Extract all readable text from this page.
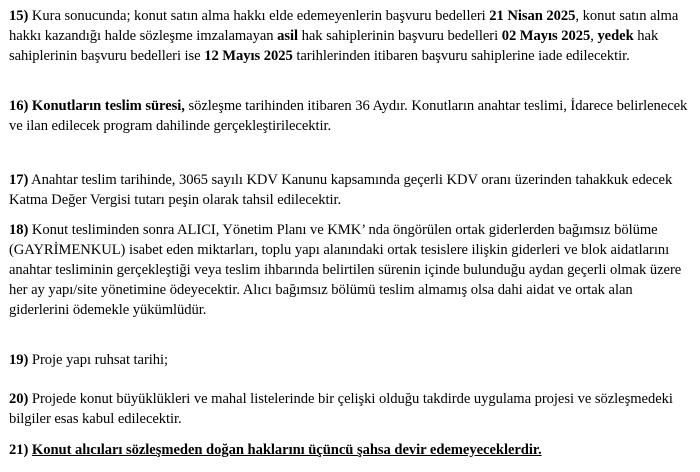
15) Kura sonucunda; konut satın alma hakkı elde edemeyenlerin başvuru bedelleri 21 Nisan 2025, konut satın alma hakkı kazandığı halde sözleşme imzalamayan asil hak sahiplerinin başvuru bedelleri 02 Mayıs 2025, yedek hak sahiplerinin başvuru bedelleri ise 12 Mayıs 2025 tarihlerinden itibaren başvuru sahiplerine iade edilecektir.

16) Konutların teslim süresi, sözleşme tarihinden itibaren 36 Aydır. Konutların anahtar teslimi, İdarece belirlenecek ve ilan edilecek program dahilinde gerçekleştirilecektir.

17) Anahtar teslim tarihinde, 3065 sayılı KDV Kanunu kapsamında geçerli KDV oranı üzerinden tahakkuk edecek Katma Değer Vergisi tutarı peşin olarak tahsil edilecektir.

18) Konut tesliminden sonra ALICI, Yönetim Planı ve KMK’ nda öngörülen ortak giderlerden bağımsız bölüme (GAYRİMENKUL) isabet eden miktarları, toplu yapı alanındaki ortak tesislere ilişkin giderleri ve blok aidatlarını anahtar tesliminin gerçekleştiği veya teslim ihbarında belirtilen sürenin içinde bulunduğu aydan geçerli olmak üzere her ay yapı/site yönetimine ödeyecektir. Alıcı bağımsız bölümü teslim almamış olsa dahi aidat ve ortak alan giderlerini ödemekle yükümlüdür.

19) Proje yapı ruhsat tarihi;

20) Projede konut büyüklükleri ve mahal listelerinde bir çelişki olduğu takdirde uygulama projesi ve sözleşmedeki bilgiler esas kabul edilecektir.

21) Konut alıcıları sözleşmeden doğan haklarını üçüncü şahsa devir edemeyeceklerdir.
